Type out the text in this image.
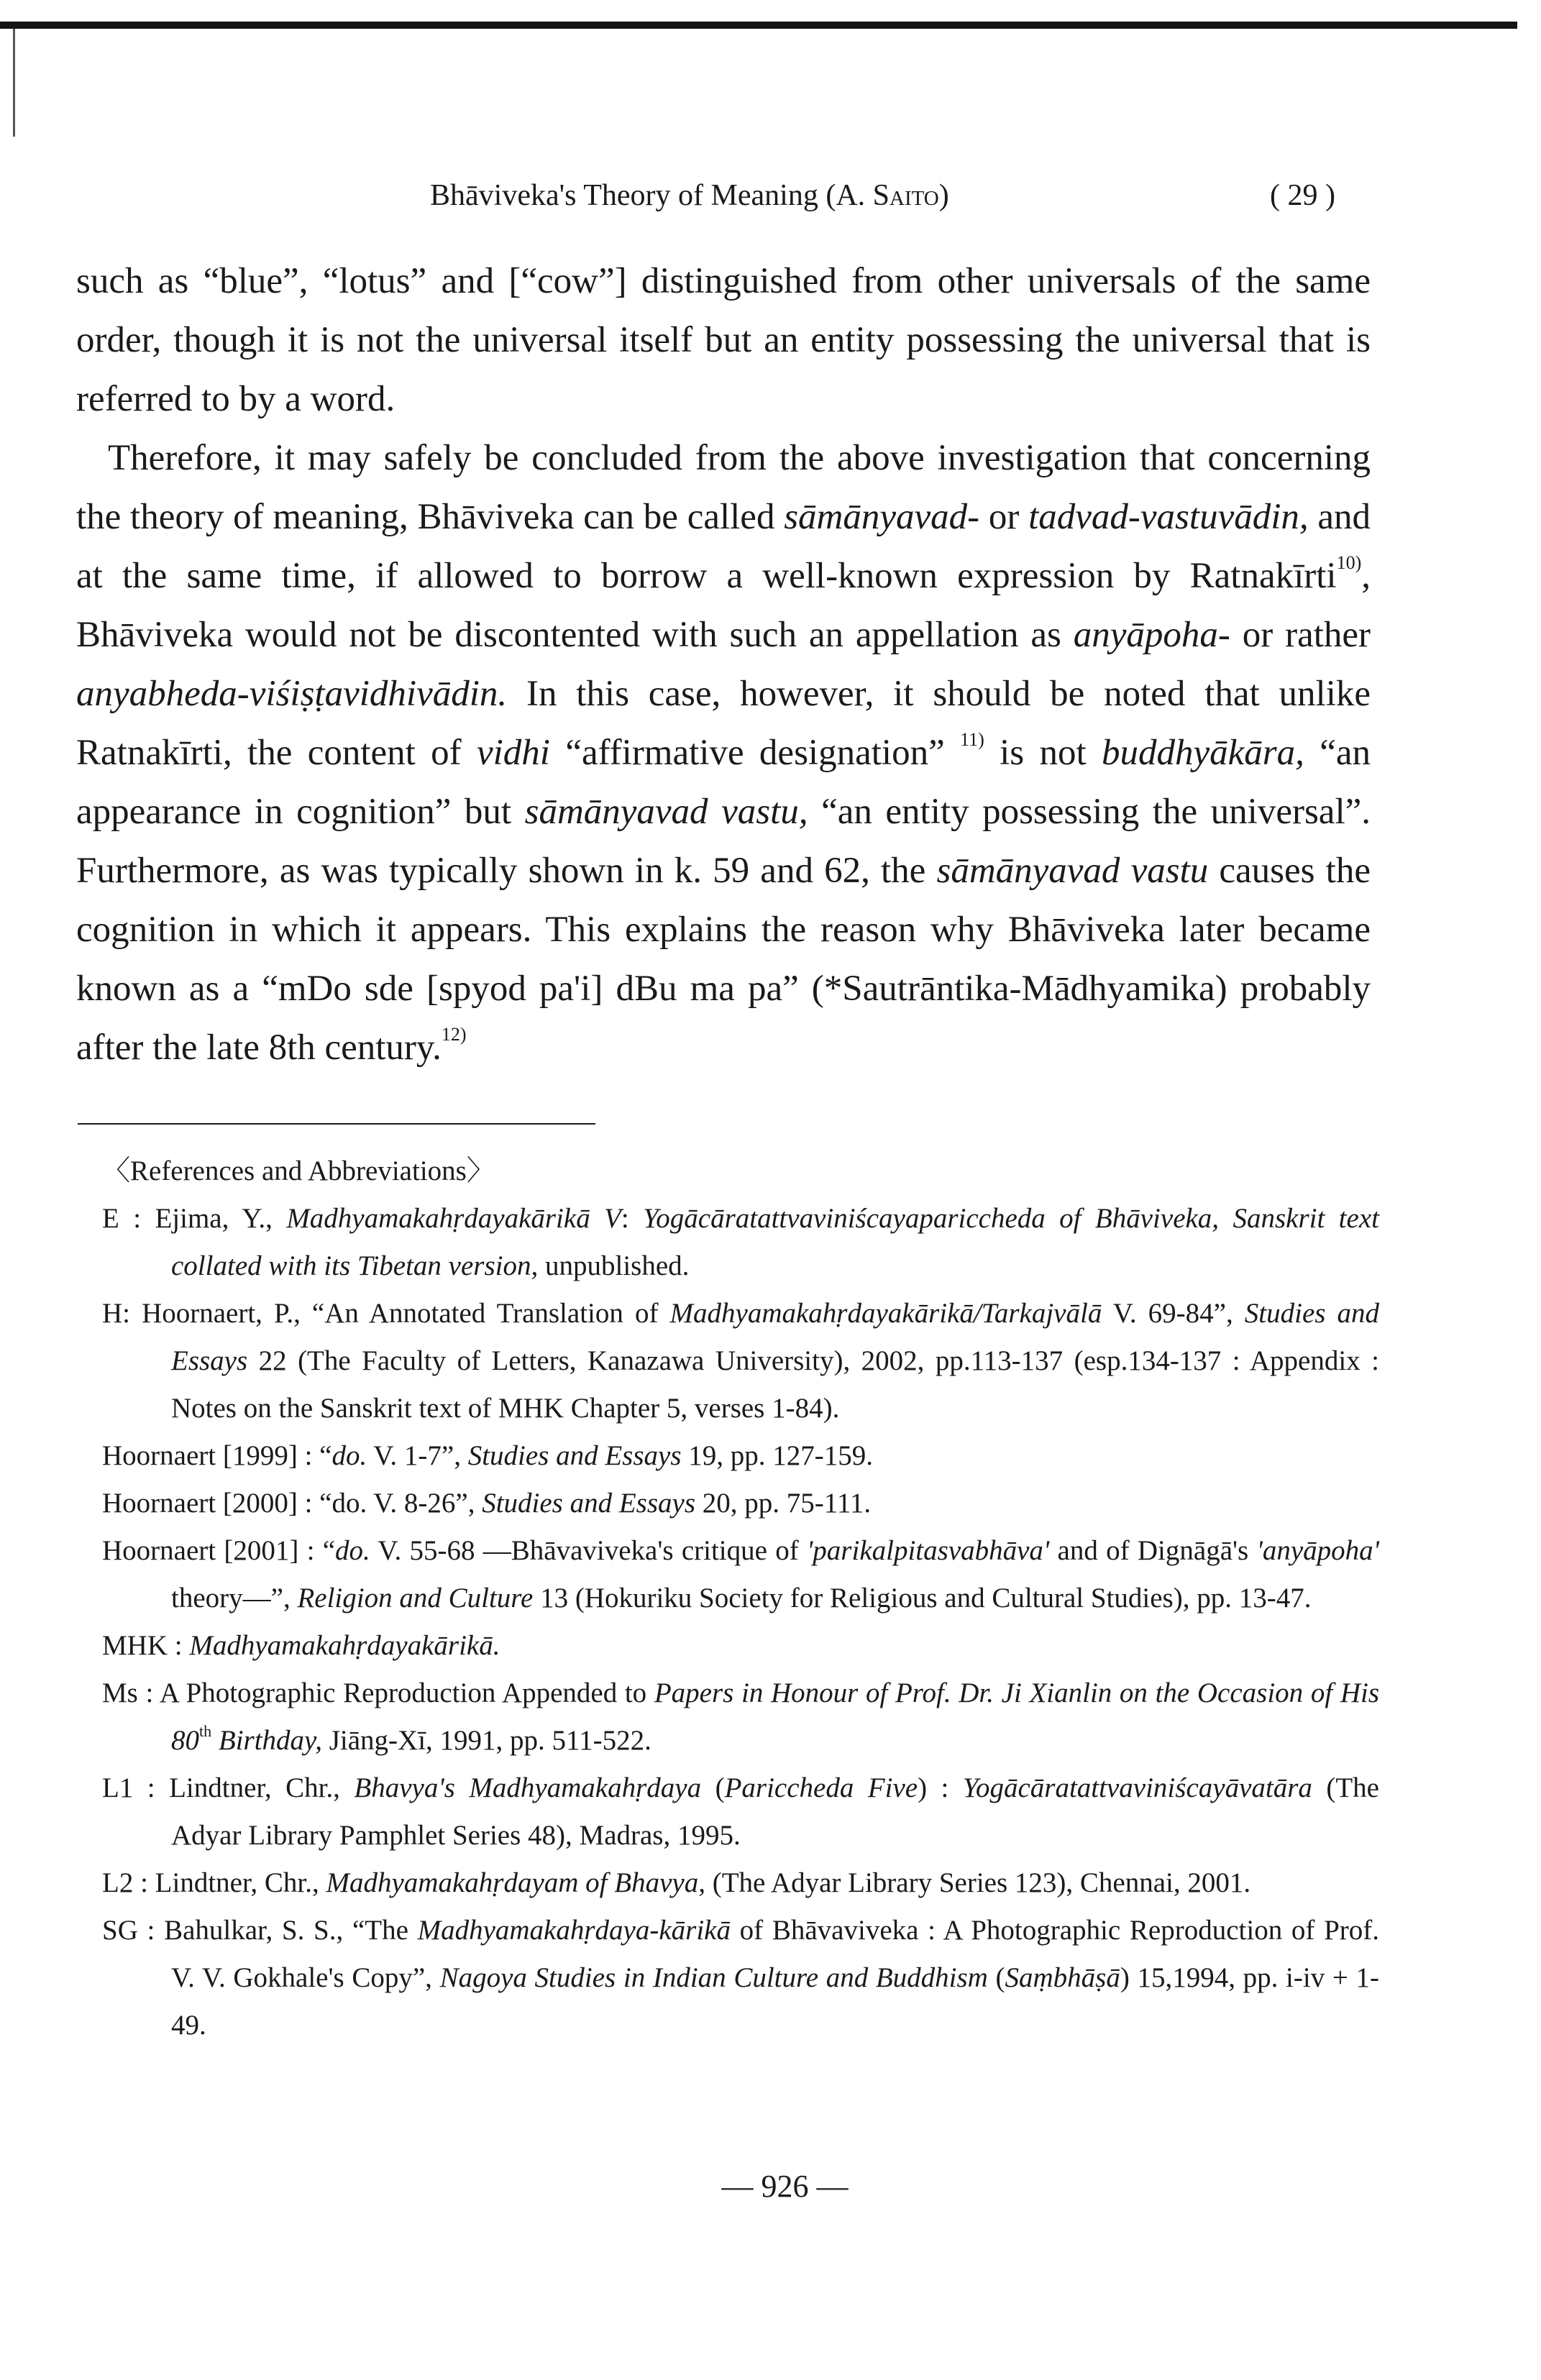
Bhāviveka's Theory of Meaning (A. Saito)	( 29 )

such as “blue”, “lotus” and [“cow”] distinguished from other universals of the same order, though it is not the universal itself but an entity possessing the universal that is referred to by a word.

Therefore, it may safely be concluded from the above investigation that concerning the theory of meaning, Bhāviveka can be called sāmānyavad- or tadvad-vastuvādin, and at the same time, if allowed to borrow a well-known expression by Ratnakīrti$^{10)}$, Bhāviveka would not be discontented with such an appellation as anyāpoha- or rather anyabheda-viśiṣṭavidhivādin. In this case, however, it should be noted that unlike Ratnakīrti, the content of vidhi “affirmative designation” $^{11)}$ is not buddhyākāra, “an appearance in cognition” but sāmānyavad vastu, “an entity possessing the universal”. Furthermore, as was typically shown in k. 59 and 62, the sāmānyavad vastu causes the cognition in which it appears. This explains the reason why Bhāviveka later became known as a “mDo sde [spyod pa'i] dBu ma pa” (*Sautrāntika-Mādhyamika) probably after the late 8th century.$^{12)}$

〈References and Abbreviations〉

E : Ejima, Y., Madhyamakahṛdayakārikā V: Yogācāratattvaviniścayapariccheda of Bhāviveka, Sanskrit text collated with its Tibetan version, unpublished.

H: Hoornaert, P., “An Annotated Translation of Madhyamakahṛdayakārikā/Tarkajvālā V. 69-84”, Studies and Essays 22 (The Faculty of Letters, Kanazawa University), 2002, pp.113-137 (esp.134-137 : Appendix : Notes on the Sanskrit text of MHK Chapter 5, verses 1-84).

Hoornaert [1999] : “do. V. 1-7”, Studies and Essays 19, pp. 127-159.

Hoornaert [2000] : “do. V. 8-26”, Studies and Essays 20, pp. 75-111.

Hoornaert [2001] : “do. V. 55-68 —Bhāvaviveka's critique of 'parikalpitasvabhāva' and of Dignāgā's 'anyāpoha' theory—”, Religion and Culture 13 (Hokuriku Society for Religious and Cultural Studies), pp. 13-47.

MHK : Madhyamakahṛdayakārikā.

Ms : A Photographic Reproduction Appended to Papers in Honour of Prof. Dr. Ji Xianlin on the Occasion of His 80th Birthday, Jiāng-Xī, 1991, pp. 511-522.

L1 : Lindtner, Chr., Bhavya's Madhyamakahṛdaya (Pariccheda Five) : Yogācāratattvaviniścayāvatāra (The Adyar Library Pamphlet Series 48), Madras, 1995.

L2 : Lindtner, Chr., Madhyamakahṛdayam of Bhavya, (The Adyar Library Series 123), Chennai, 2001.

SG : Bahulkar, S. S., “The Madhyamakahṛdaya-kārikā of Bhāvaviveka : A Photographic Reproduction of Prof. V. V. Gokhale's Copy”, Nagoya Studies in Indian Culture and Buddhism (Saṃbhāṣā) 15,1994, pp. i-iv + 1-49.

— 926 —
